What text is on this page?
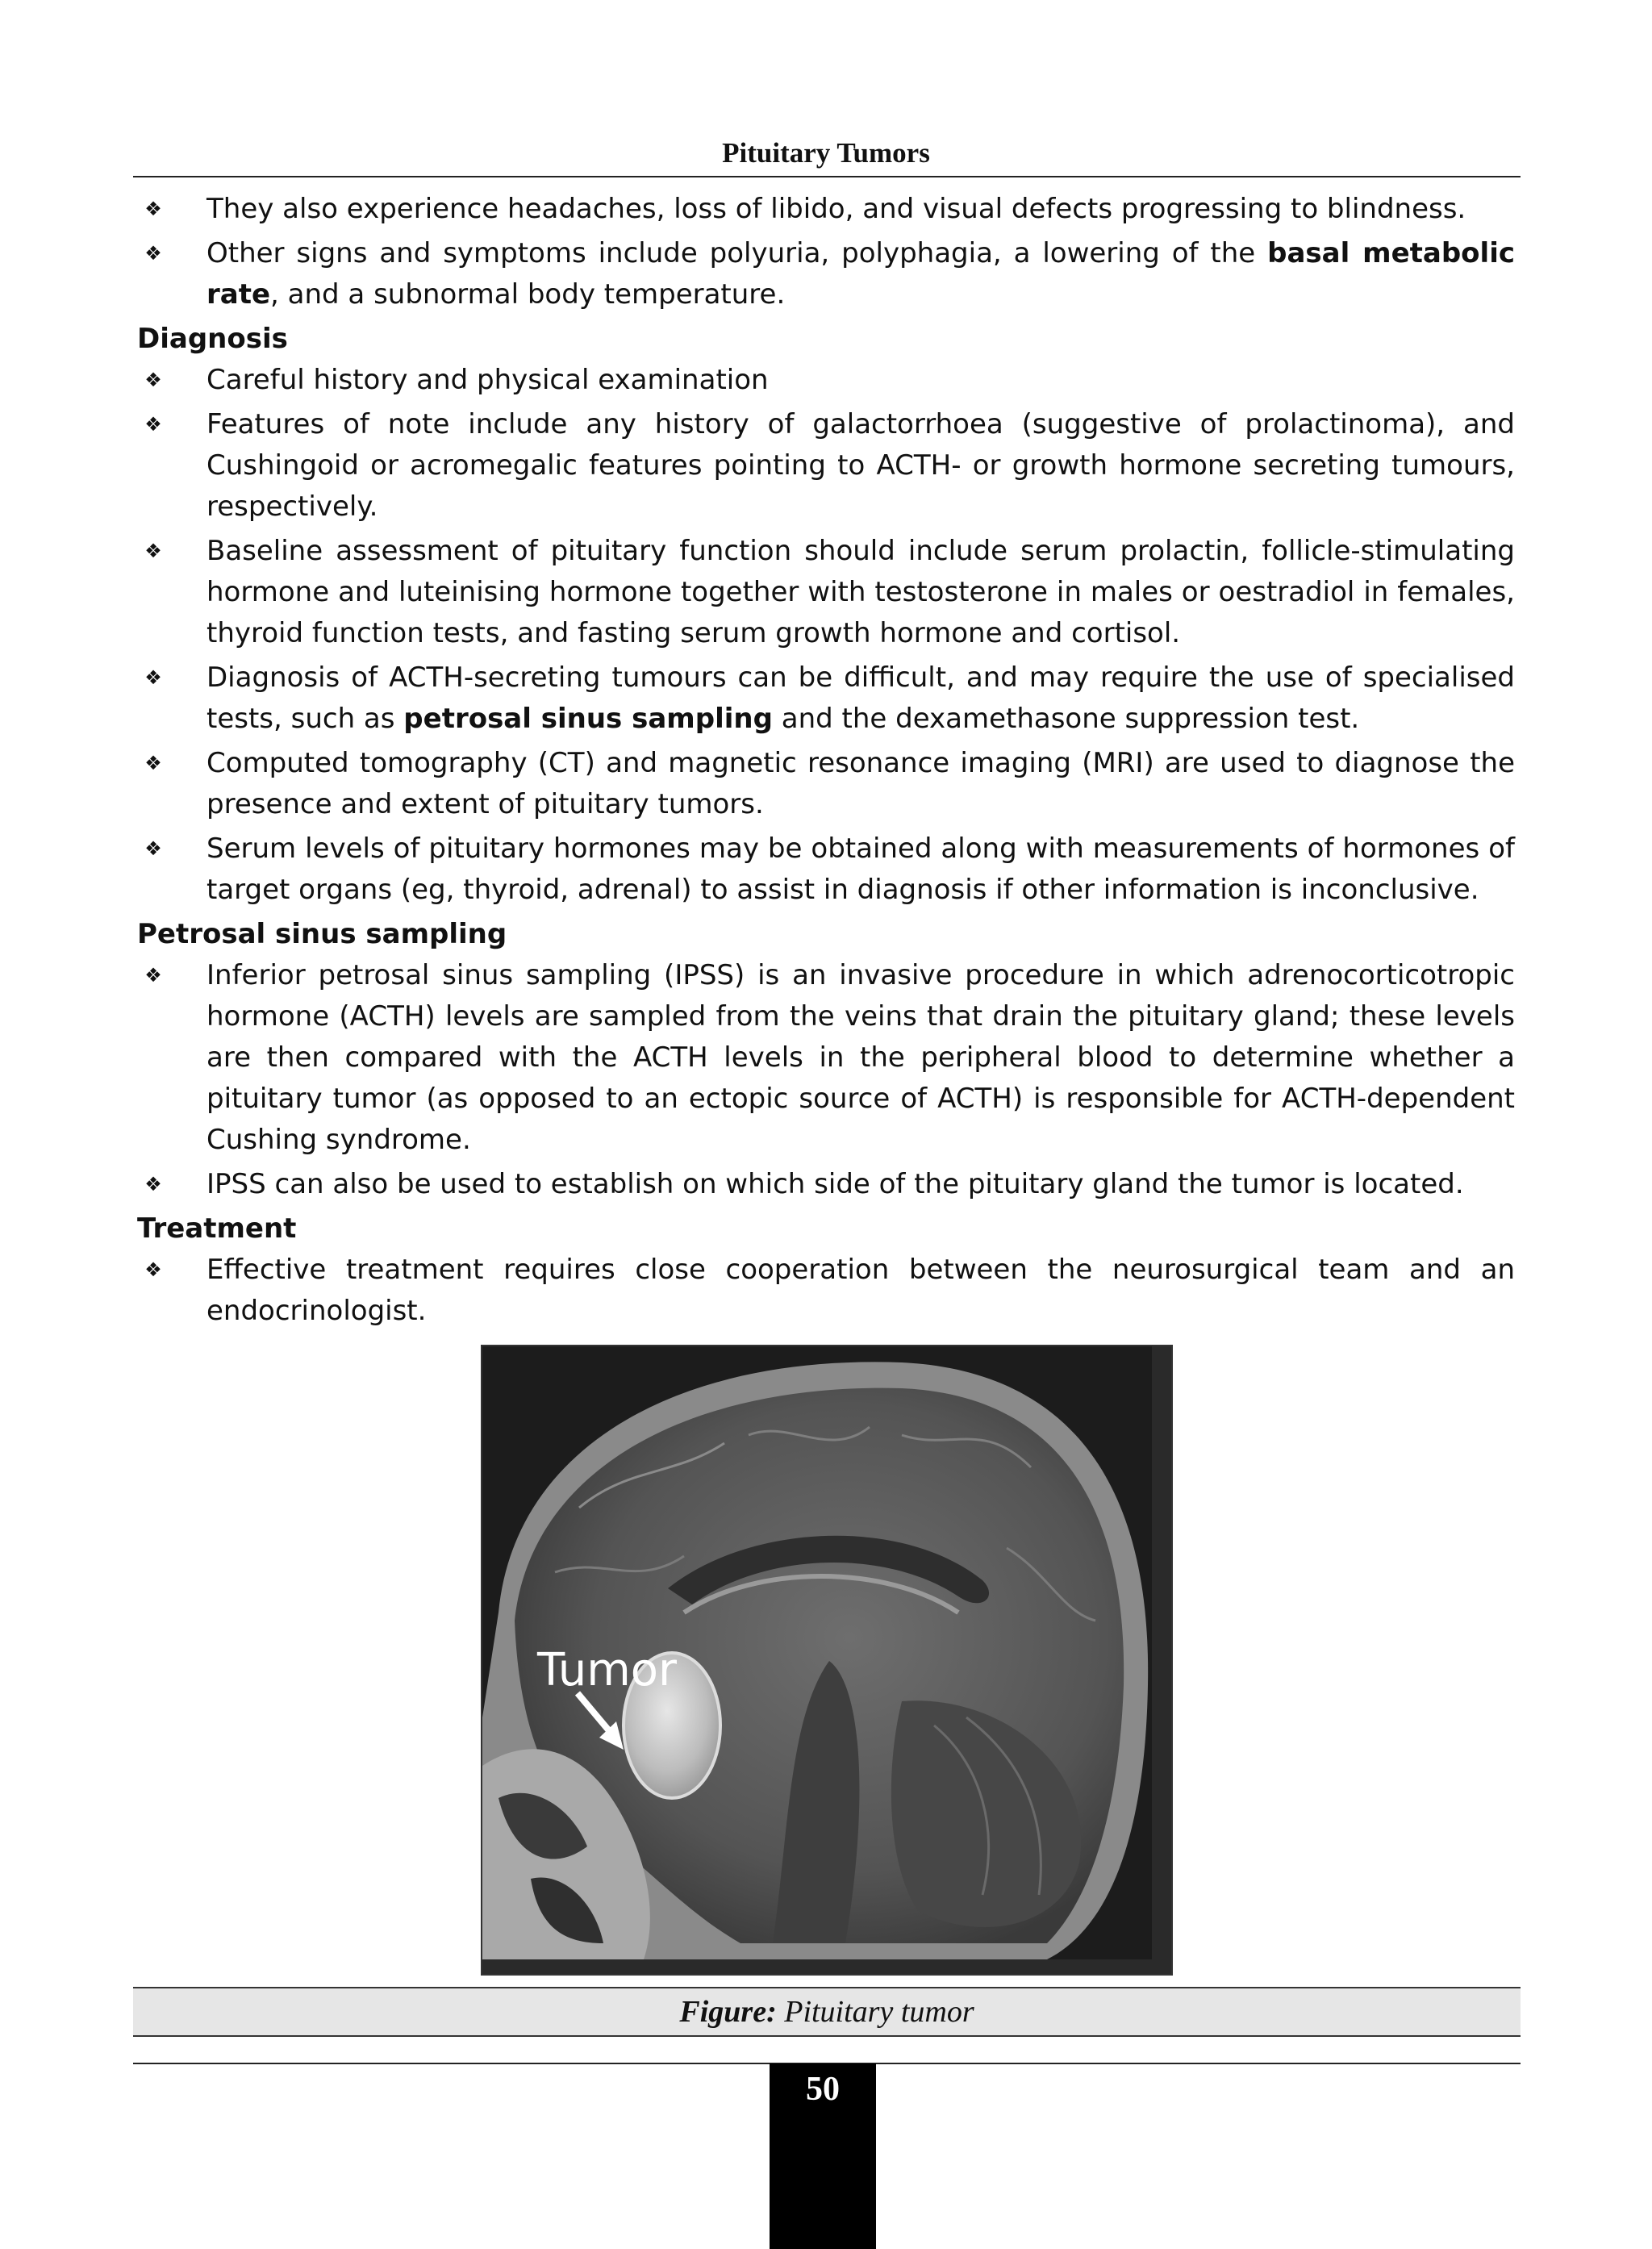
Pituitary Tumors
❖ They also experience headaches, loss of libido, and visual defects progressing to blindness.
❖ Other signs and symptoms include polyuria, polyphagia, a lowering of the basal metabolic rate, and a subnormal body temperature.
Diagnosis
❖ Careful history and physical examination
❖ Features of note include any history of galactorrhoea (suggestive of prolactinoma), and Cushingoid or acromegalic features pointing to ACTH- or growth hormone secreting tumours, respectively.
❖ Baseline assessment of pituitary function should include serum prolactin, follicle-stimulating hormone and luteinising hormone together with testosterone in males or oestradiol in females, thyroid function tests, and fasting serum growth hormone and cortisol.
❖ Diagnosis of ACTH-secreting tumours can be difficult, and may require the use of specialised tests, such as petrosal sinus sampling and the dexamethasone suppression test.
❖ Computed tomography (CT) and magnetic resonance imaging (MRI) are used to diagnose the presence and extent of pituitary tumors.
❖ Serum levels of pituitary hormones may be obtained along with measurements of hormones of target organs (eg, thyroid, adrenal) to assist in diagnosis if other information is inconclusive.
Petrosal sinus sampling
❖ Inferior petrosal sinus sampling (IPSS) is an invasive procedure in which adrenocorticotropic hormone (ACTH) levels are sampled from the veins that drain the pituitary gland; these levels are then compared with the ACTH levels in the peripheral blood to determine whether a pituitary tumor (as opposed to an ectopic source of ACTH) is responsible for ACTH-dependent Cushing syndrome.
❖ IPSS can also be used to establish on which side of the pituitary gland the tumor is located.
Treatment
❖ Effective treatment requires close cooperation between the neurosurgical team and an endocrinologist.
Tumor
Figure: Pituitary tumor
50
